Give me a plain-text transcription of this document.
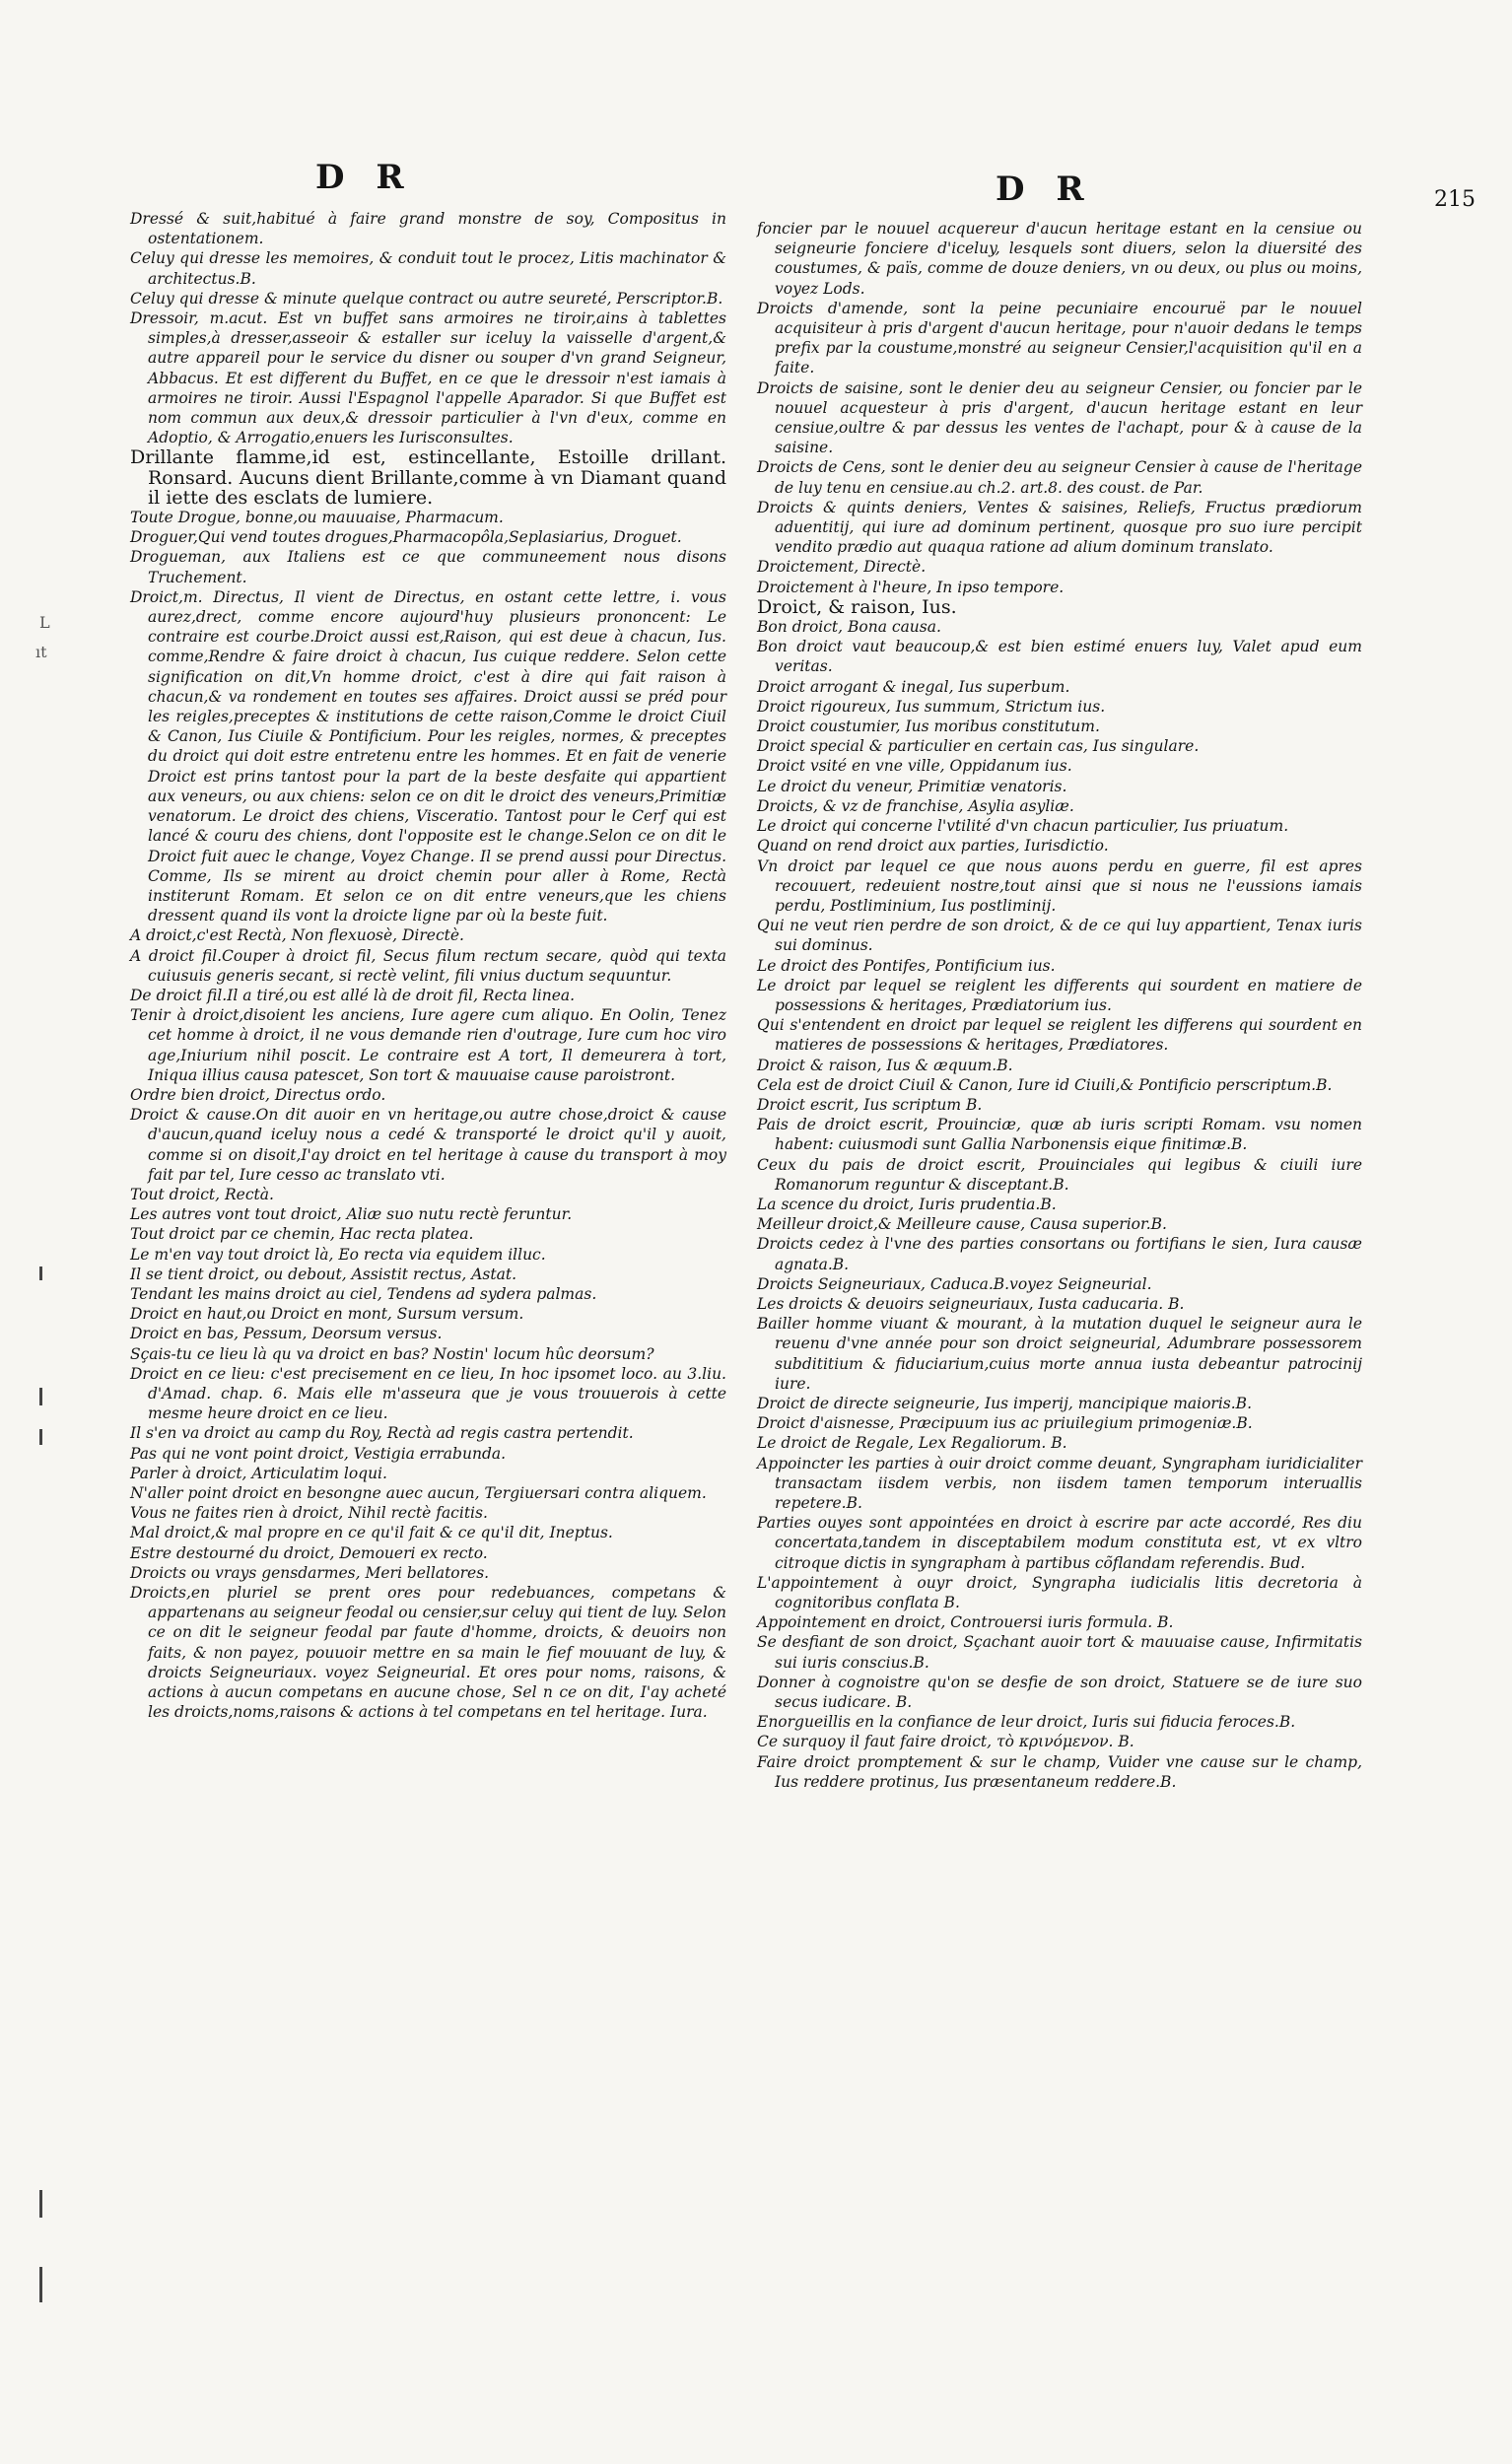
D R	D R	215
L
ıt

Dressé & suit,habitué à faire grand monstre de soy, Compositus in ostentationem.

Celuy qui dresse les memoires, & conduit tout le procez, Litis machinator & architectus.B.

Celuy qui dresse & minute quelque contract ou autre seureté, Perscriptor.B.

Dressoir, m.acut. Est vn buffet sans armoires ne tiroir,ains à tablettes simples,à dresser,asseoir & estaller sur iceluy la vaisselle d'argent,& autre appareil pour le service du disner ou souper d'vn grand Seigneur, Abbacus. Et est different du Buffet, en ce que le dressoir n'est iamais à armoires ne tiroir. Aussi l'Espagnol l'appelle Aparador. Si que Buffet est nom commun aux deux,& dressoir particulier à l'vn d'eux, comme en Adoptio, & Arrogatio,enuers les Iurisconsultes.

Drillante flamme,id est, estincellante, Estoille drillant. Ronsard. Aucuns dient Brillante,comme à vn Diamant quand il iette des esclats de lumiere.

Toute Drogue, bonne,ou mauuaise, Pharmacum.

Droguer,Qui vend toutes drogues,Pharmacopôla,Seplasiarius, Droguet.

Drogueman, aux Italiens est ce que communeement nous disons Truchement.

Droict,m. Directus, Il vient de Directus, en ostant cette lettre, i. vous aurez,drect, comme encore aujourd'huy plusieurs prononcent: Le contraire est courbe.Droict aussi est,Raison, qui est deue à chacun, Ius. comme,Rendre & faire droict à chacun, Ius cuique reddere. Selon cette signification on dit,Vn homme droict, c'est à dire qui fait raison à chacun,& va rondement en toutes ses affaires. Droict aussi se préd pour les reigles,preceptes & institutions de cette raison,Comme le droict Ciuil & Canon, Ius Ciuile & Pontificium. Pour les reigles, normes, & preceptes du droict qui doit estre entretenu entre les hommes. Et en fait de venerie Droict est prins tantost pour la part de la beste desfaite qui appartient aux veneurs, ou aux chiens: selon ce on dit le droict des veneurs,Primitiæ venatorum. Le droict des chiens, Visceratio. Tantost pour le Cerf qui est lancé & couru des chiens, dont l'opposite est le change.Selon ce on dit le Droict fuit auec le change, Voyez Change. Il se prend aussi pour Directus. Comme, Ils se mirent au droict chemin pour aller à Rome, Rectà institerunt Romam. Et selon ce on dit entre veneurs,que les chiens dressent quand ils vont la droicte ligne par où la beste fuit.

A droict,c'est Rectà, Non flexuosè, Directè.

A droict fil.Couper à droict fil, Secus filum rectum secare, quòd qui texta cuiusuis generis secant, si rectè velint, fili vnius ductum sequuntur.

De droict fil.Il a tiré,ou est allé là de droit fil, Recta linea.

Tenir à droict,disoient les anciens, Iure agere cum aliquo. En Oolin, Tenez cet homme à droict, il ne vous demande rien d'outrage, Iure cum hoc viro age,Iniurium nihil poscit. Le contraire est A tort, Il demeurera à tort, Iniqua illius causa patescet, Son tort & mauuaise cause paroistront.

Ordre bien droict, Directus ordo.

Droict & cause.On dit auoir en vn heritage,ou autre chose,droict & cause d'aucun,quand iceluy nous a cedé & transporté le droict qu'il y auoit, comme si on disoit,I'ay droict en tel heritage à cause du transport à moy fait par tel, Iure cesso ac translato vti.

Tout droict, Rectà.

Les autres vont tout droict, Aliæ suo nutu rectè feruntur.

Tout droict par ce chemin, Hac recta platea.

Le m'en vay tout droict là, Eo recta via equidem illuc.

Il se tient droict, ou debout, Assistit rectus, Astat.

Tendant les mains droict au ciel, Tendens ad sydera palmas.

Droict en haut,ou Droict en mont, Sursum versum.

Droict en bas, Pessum, Deorsum versus.

Sçais-tu ce lieu là qu va droict en bas? Nostin' locum hûc deorsum?

Droict en ce lieu: c'est precisement en ce lieu, In hoc ipsomet loco. au 3.liu. d'Amad. chap. 6. Mais elle m'asseura que je vous trouuerois à cette mesme heure droict en ce lieu.

Il s'en va droict au camp du Roy, Rectà ad regis castra pertendit.

Pas qui ne vont point droict, Vestigia errabunda.

Parler à droict, Articulatim loqui.

N'aller point droict en besongne auec aucun, Tergiuersari contra aliquem.

Vous ne faites rien à droict, Nihil rectè facitis.

Mal droict,& mal propre en ce qu'il fait & ce qu'il dit, Ineptus.

Estre destourné du droict, Demoueri ex recto.

Droicts ou vrays gensdarmes, Meri bellatores.

Droicts,en pluriel se prent ores pour redebuances, competans & appartenans au seigneur feodal ou censier,sur celuy qui tient de luy. Selon ce on dit le seigneur feodal par faute d'homme, droicts, & deuoirs non faits, & non payez, pouuoir mettre en sa main le fief mouuant de luy, & droicts Seigneuriaux. voyez Seigneurial. Et ores pour noms, raisons, & actions à aucun competans en aucune chose, Sel n ce on dit, I'ay acheté les droicts,noms,raisons & actions à tel competans en tel heritage. Iura.

foncier par le nouuel acquereur d'aucun heritage estant en la censiue ou seigneurie fonciere d'iceluy, lesquels sont diuers, selon la diuersité des coustumes, & païs, comme de douze deniers, vn ou deux, ou plus ou moins, voyez Lods.

Droicts d'amende, sont la peine pecuniaire encouruë par le nouuel acquisiteur à pris d'argent d'aucun heritage, pour n'auoir dedans le temps prefix par la coustume,monstré au seigneur Censier,l'acquisition qu'il en a faite.

Droicts de saisine, sont le denier deu au seigneur Censier, ou foncier par le nouuel acquesteur à pris d'argent, d'aucun heritage estant en leur censiue,oultre & par dessus les ventes de l'achapt, pour & à cause de la saisine.

Droicts de Cens, sont le denier deu au seigneur Censier à cause de l'heritage de luy tenu en censiue.au ch.2. art.8. des coust. de Par.

Droicts & quints deniers, Ventes & saisines, Reliefs, Fructus prædiorum aduentitij, qui iure ad dominum pertinent, quosque pro suo iure percipit vendito prædio aut quaqua ratione ad alium dominum translato.

Droictement, Directè.

Droictement à l'heure, In ipso tempore.

Droict, & raison, Ius.

Bon droict, Bona causa.

Bon droict vaut beaucoup,& est bien estimé enuers luy, Valet apud eum veritas.

Droict arrogant & inegal, Ius superbum.

Droict rigoureux, Ius summum, Strictum ius.

Droict coustumier, Ius moribus constitutum.

Droict special & particulier en certain cas, Ius singulare.

Droict vsité en vne ville, Oppidanum ius.

Le droict du veneur, Primitiæ venatoris.

Droicts, & vz de franchise, Asylia asyliæ.

Le droict qui concerne l'vtilité d'vn chacun particulier, Ius priuatum.

Quand on rend droict aux parties, Iurisdictio.

Vn droict par lequel ce que nous auons perdu en guerre, fil est apres recouuert, redeuient nostre,tout ainsi que si nous ne l'eussions iamais perdu, Postliminium, Ius postliminij.

Qui ne veut rien perdre de son droict, & de ce qui luy appartient, Tenax iuris sui dominus.

Le droict des Pontifes, Pontificium ius.

Le droict par lequel se reiglent les differents qui sourdent en matiere de possessions & heritages, Prædiatorium ius.

Qui s'entendent en droict par lequel se reiglent les differens qui sourdent en matieres de possessions & heritages, Prædiatores.

Droict & raison, Ius & æquum.B.

Cela est de droict Ciuil & Canon, Iure id Ciuili,& Pontificio perscriptum.B.

Droict escrit, Ius scriptum B.

Pais de droict escrit, Prouinciæ, quæ ab iuris scripti Romam. vsu nomen habent: cuiusmodi sunt Gallia Narbonensis eique finitimæ.B.

Ceux du pais de droict escrit, Prouinciales qui legibus & ciuili iure Romanorum reguntur & disceptant.B.

La scence du droict, Iuris prudentia.B.

Meilleur droict,& Meilleure cause, Causa superior.B.

Droicts cedez à l'vne des parties consortans ou fortifians le sien, Iura causæ agnata.B.

Droicts Seigneuriaux, Caduca.B.voyez Seigneurial.

Les droicts & deuoirs seigneuriaux, Iusta caducaria. B.

Bailler homme viuant & mourant, à la mutation duquel le seigneur aura le reuenu d'vne année pour son droict seigneurial, Adumbrare possessorem subdititium & fiduciarium,cuius morte annua iusta debeantur patrocinij iure.

Droict de directe seigneurie, Ius imperij, mancipique maioris.B.

Droict d'aisnesse, Præcipuum ius ac priuilegium primogeniæ.B.

Le droict de Regale, Lex Regaliorum. B.

Appoincter les parties à ouir droict comme deuant, Syngrapham iuridicialiter transactam iisdem verbis, non iisdem tamen temporum interuallis repetere.B.

Parties ouyes sont appointées en droict à escrire par acte accordé, Res diu concertata,tandem in disceptabilem modum constituta est, vt ex vltro citroque dictis in syngrapham à partibus cõflandam referendis. Bud.

L'appointement à ouyr droict, Syngrapha iudicialis litis decretoria à cognitoribus conflata B.

Appointement en droict, Controuersi iuris formula. B.

Se desfiant de son droict, Sçachant auoir tort & mauuaise cause, Infirmitatis sui iuris conscius.B.

Donner à cognoistre qu'on se desfie de son droict, Statuere se de iure suo secus iudicare. B.

Enorgueillis en la confiance de leur droict, Iuris sui fiducia feroces.B.

Ce surquoy il faut faire droict, τὸ κρινόμενον. B.

Faire droict promptement & sur le champ, Vuider vne cause sur le champ, Ius reddere protinus, Ius præsentaneum reddere.B.
